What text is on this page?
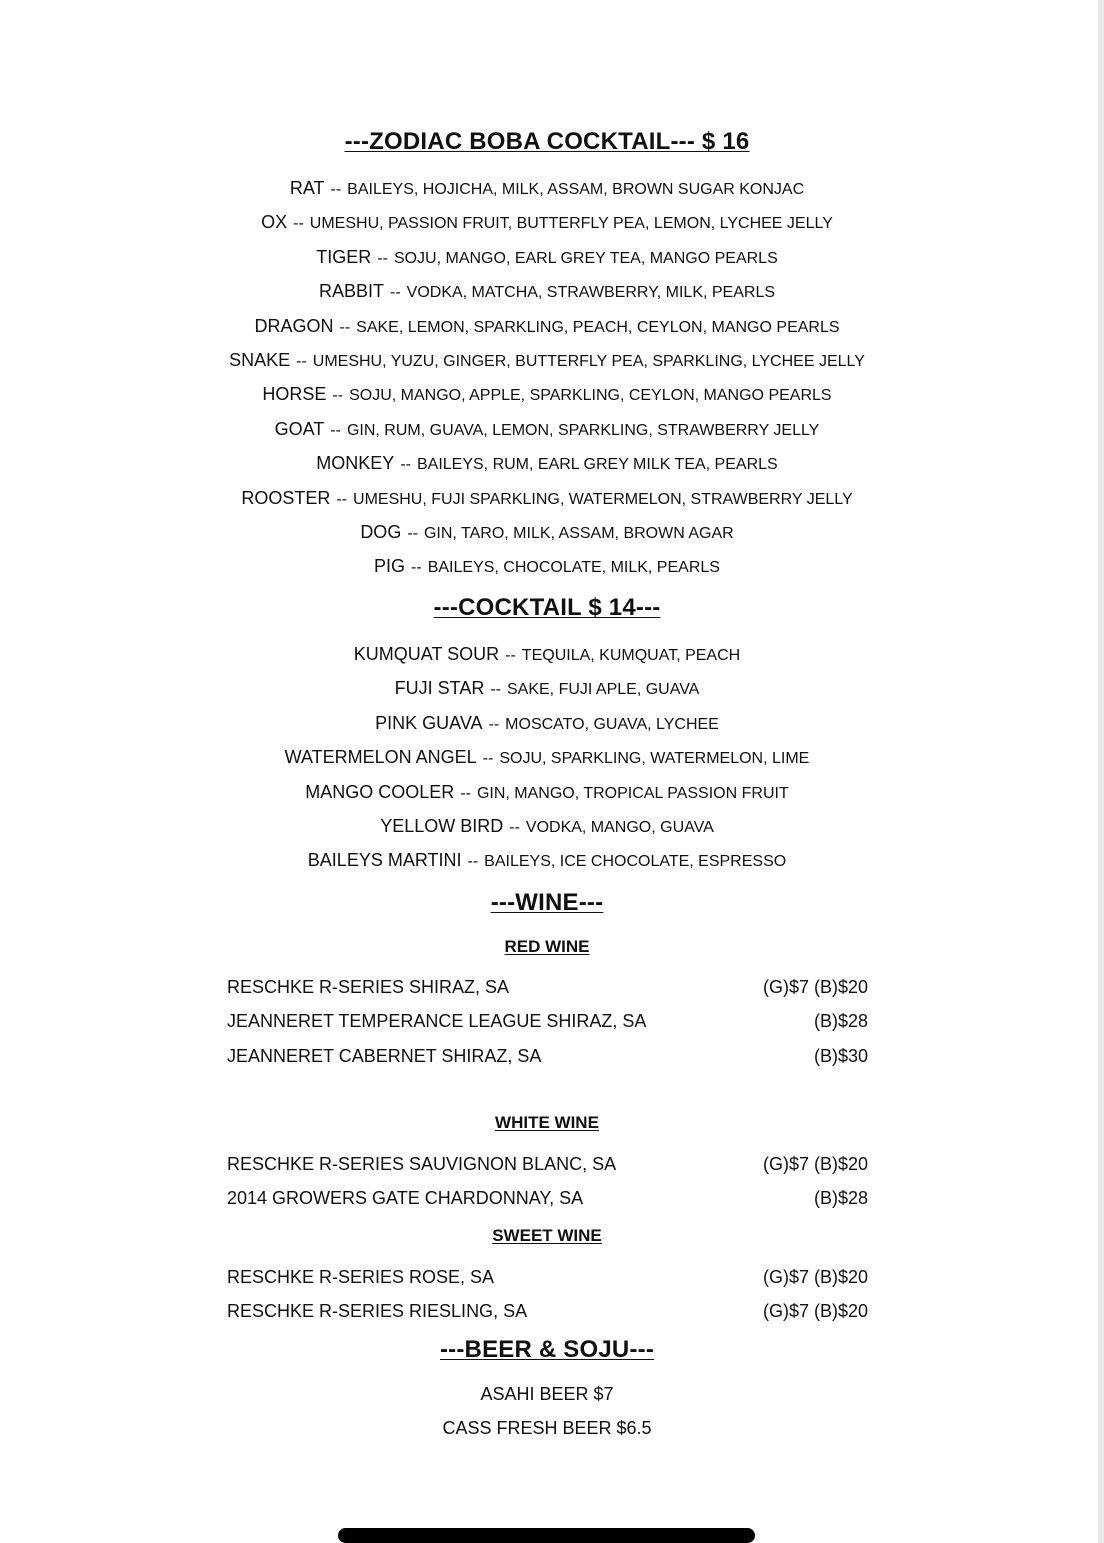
---ZODIAC BOBA COCKTAIL--- $ 16
RAT -- BAILEYS, HOJICHA, MILK, ASSAM, BROWN SUGAR KONJAC
OX -- UMESHU, PASSION FRUIT, BUTTERFLY PEA, LEMON, LYCHEE JELLY
TIGER -- SOJU, MANGO, EARL GREY TEA, MANGO PEARLS
RABBIT -- VODKA, MATCHA, STRAWBERRY, MILK, PEARLS
DRAGON -- SAKE, LEMON, SPARKLING, PEACH, CEYLON, MANGO PEARLS
SNAKE -- UMESHU, YUZU, GINGER, BUTTERFLY PEA, SPARKLING, LYCHEE JELLY
HORSE -- SOJU, MANGO, APPLE, SPARKLING, CEYLON, MANGO PEARLS
GOAT -- GIN, RUM, GUAVA, LEMON, SPARKLING, STRAWBERRY JELLY
MONKEY -- BAILEYS, RUM, EARL GREY MILK TEA, PEARLS
ROOSTER -- UMESHU, FUJI SPARKLING, WATERMELON, STRAWBERRY JELLY
DOG -- GIN, TARO, MILK, ASSAM, BROWN AGAR
PIG -- BAILEYS, CHOCOLATE, MILK, PEARLS
---COCKTAIL $ 14---
KUMQUAT SOUR -- TEQUILA, KUMQUAT, PEACH
FUJI STAR -- SAKE, FUJI APLE, GUAVA
PINK GUAVA -- MOSCATO, GUAVA, LYCHEE
WATERMELON ANGEL -- SOJU, SPARKLING, WATERMELON, LIME
MANGO COOLER -- GIN, MANGO, TROPICAL PASSION FRUIT
YELLOW BIRD -- VODKA, MANGO, GUAVA
BAILEYS MARTINI -- BAILEYS, ICE CHOCOLATE, ESPRESSO
---WINE---
RED WINE
RESCHKE R-SERIES SHIRAZ, SA	(G)$7 (B)$20
JEANNERET TEMPERANCE LEAGUE SHIRAZ, SA	(B)$28
JEANNERET CABERNET SHIRAZ, SA	(B)$30
WHITE WINE
RESCHKE R-SERIES SAUVIGNON BLANC, SA	(G)$7 (B)$20
2014 GROWERS GATE CHARDONNAY, SA	(B)$28
SWEET WINE
RESCHKE R-SERIES ROSE, SA	(G)$7 (B)$20
RESCHKE R-SERIES RIESLING, SA	(G)$7 (B)$20
---BEER & SOJU---
ASAHI BEER $7
CASS FRESH BEER $6.5
